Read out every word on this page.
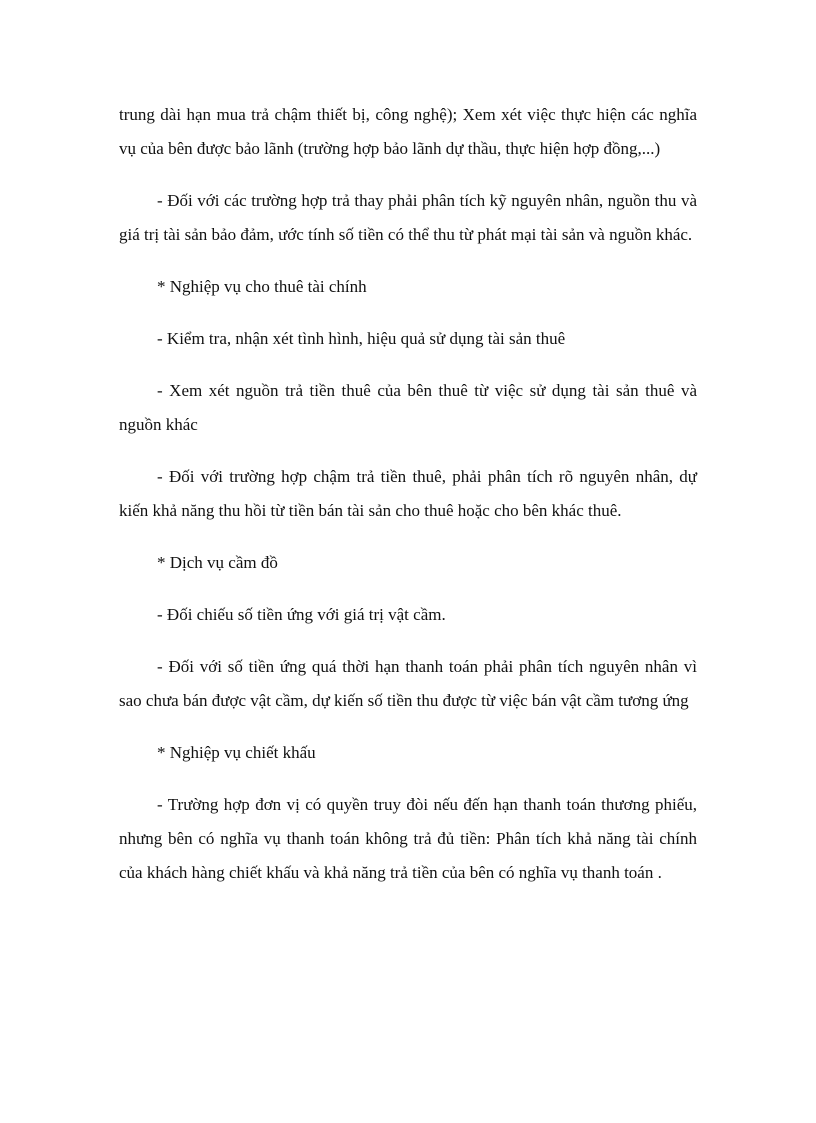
trung dài hạn mua trả chậm thiết bị, công nghệ); Xem xét việc thực hiện các nghĩa vụ của bên được bảo lãnh (trường hợp bảo lãnh dự thầu, thực hiện hợp đồng,...)

- Đối với các trường hợp trả thay phải phân tích kỹ nguyên nhân, nguồn thu và giá trị tài sản bảo đảm, ước tính số tiền có thể thu từ phát mại tài sản và nguồn khác.

* Nghiệp vụ cho thuê tài chính

- Kiểm tra, nhận xét tình hình, hiệu quả sử dụng tài sản thuê

- Xem xét nguồn trả tiền thuê của bên thuê từ việc sử dụng tài sản thuê và nguồn khác

- Đối với trường hợp chậm trả tiền thuê, phải phân tích rõ nguyên nhân, dự kiến khả năng thu hồi từ tiền bán tài sản cho thuê hoặc cho bên khác thuê.

* Dịch vụ cầm đồ

- Đối chiếu số tiền ứng với giá trị vật cầm.

- Đối với số tiền ứng quá thời hạn thanh toán phải phân tích nguyên nhân vì sao chưa bán được vật cầm, dự kiến số tiền thu được từ việc bán vật cầm tương ứng

* Nghiệp vụ chiết khấu

- Trường hợp đơn vị có quyền truy đòi nếu đến hạn thanh toán thương phiếu, nhưng bên có nghĩa vụ thanh toán không trả đủ tiền: Phân tích khả năng tài chính của khách hàng chiết khấu và khả năng trả tiền của bên có nghĩa vụ thanh toán .
